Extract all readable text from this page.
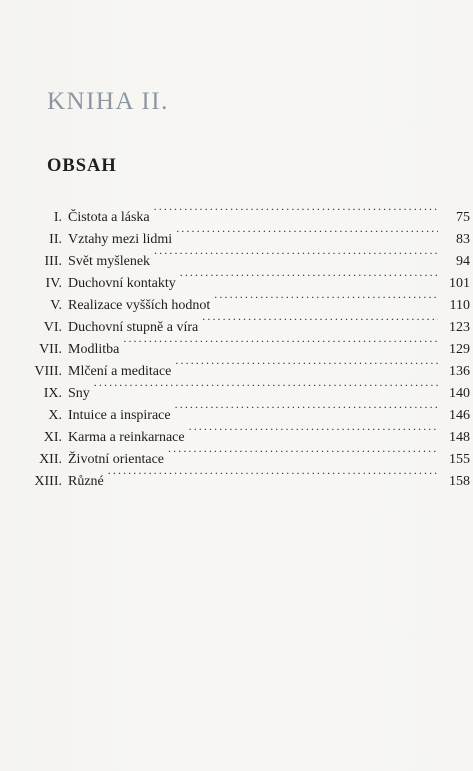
KNIHA II.
OBSAH
I. Čistota a láska .....	75
II. Vztahy mezi lidmi .....	83
III. Svět myšlenek .....	94
IV. Duchovní kontakty .....	101
V. Realizace vyšších hodnot .....	110
VI. Duchovní stupně a víra .....	123
VII. Modlitba .....	129
VIII. Mlčení a meditace .....	136
IX. Sny .....	140
X. Intuice a inspirace .....	146
XI. Karma a reinkarnace .....	148
XII. Životní orientace .....	155
XIII. Různé .....	158
